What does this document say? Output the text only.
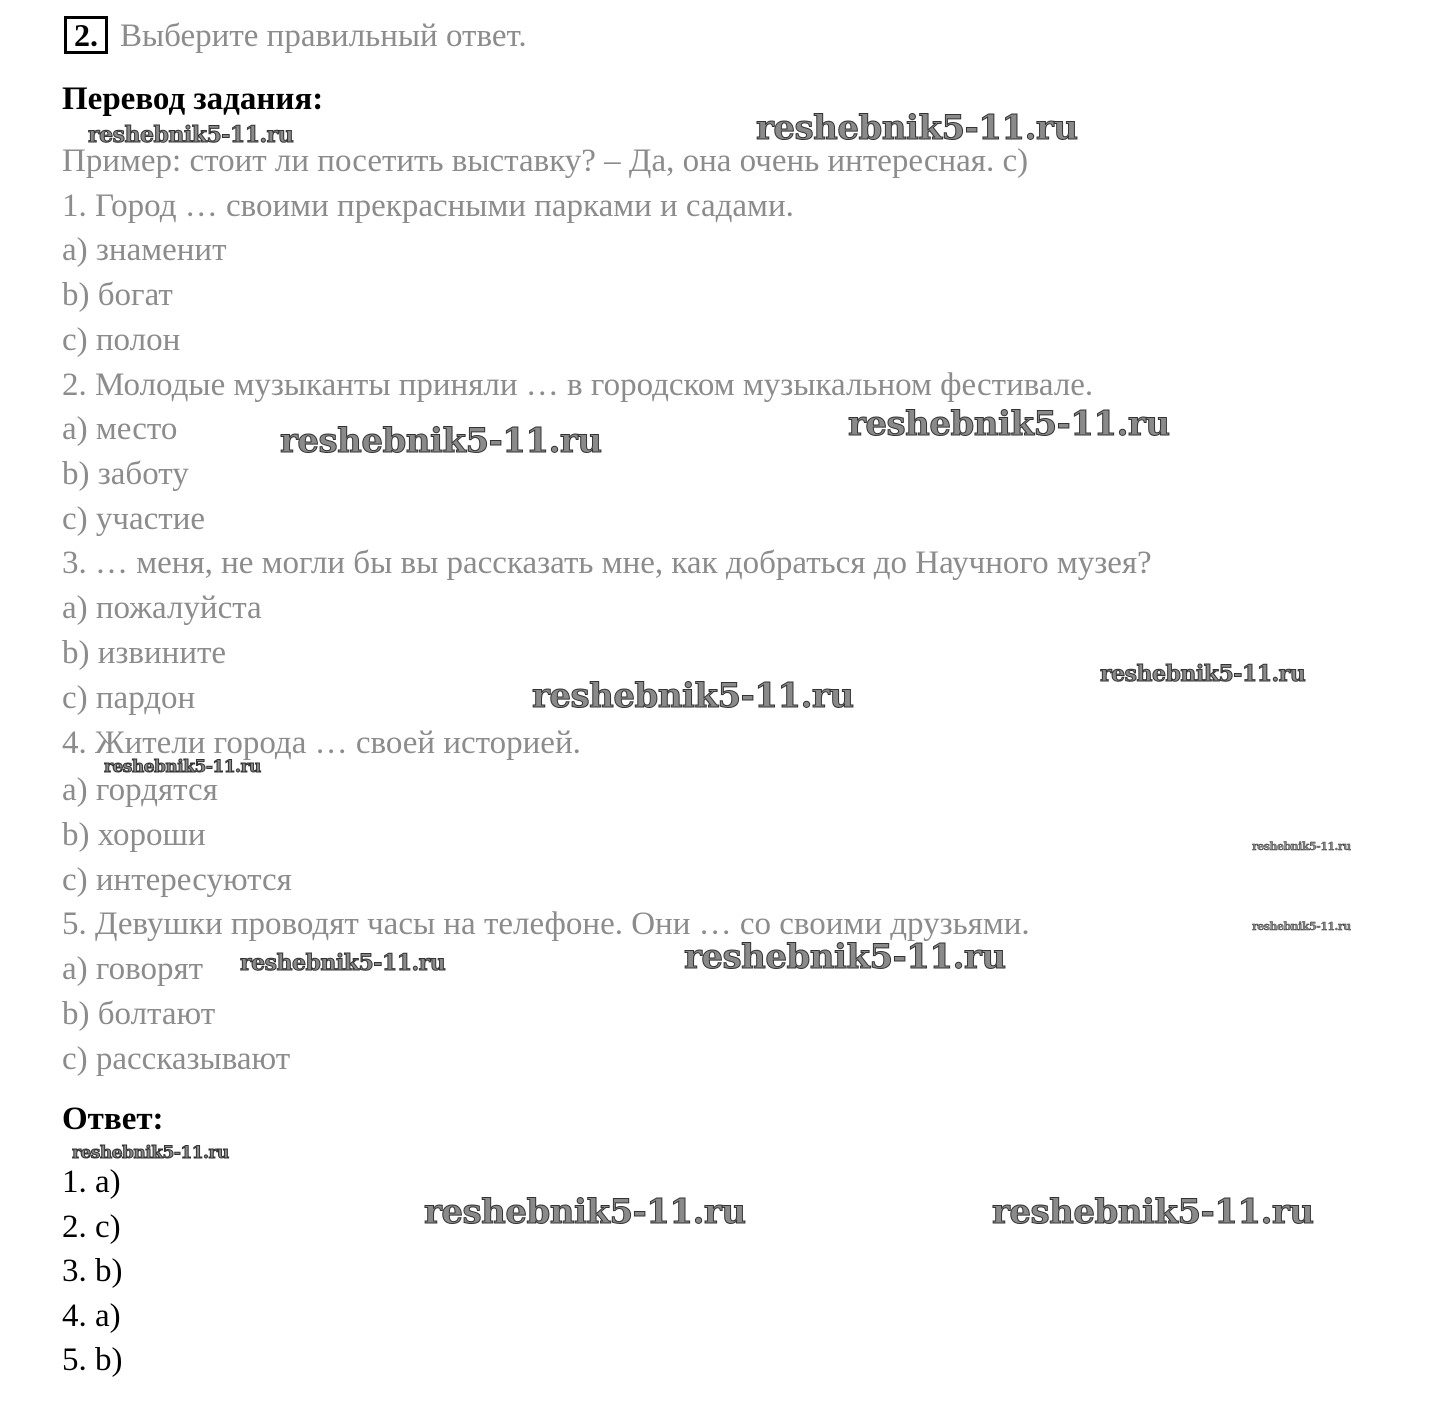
2. Выберите правильный ответ.
Перевод задания:
Пример: стоит ли посетить выставку? – Да, она очень интересная. c)
1. Город … своими прекрасными парками и садами.
a) знаменит
b) богат
c) полон
2. Молодые музыканты приняли … в городском музыкальном фестивале.
a) место
b) заботу
c) участие
3. … меня, не могли бы вы рассказать мне, как добраться до Научного музея?
a) пожалуйста
b) извините
c) пардон
4. Жители города … своей историей.
a) гордятся
b) хороши
c) интересуются
5. Девушки проводят часы на телефоне. Они … со своими друзьями.
a) говорят
b) болтают
c) рассказывают
Ответ:
1. a)
2. c)
3. b)
4. a)
5. b)
reshebnik5-11.ru	reshebnik5-11.ru
reshebnik5-11.ru	reshebnik5-11.ru
reshebnik5-11.ru
reshebnik5-11.ru
reshebnik5-11.ru
reshebnik5-11.ru
reshebnik5-11.ru
reshebnik5-11.ru	reshebnik5-11.ru
reshebnik5-11.ru
reshebnik5-11.ru	reshebnik5-11.ru
